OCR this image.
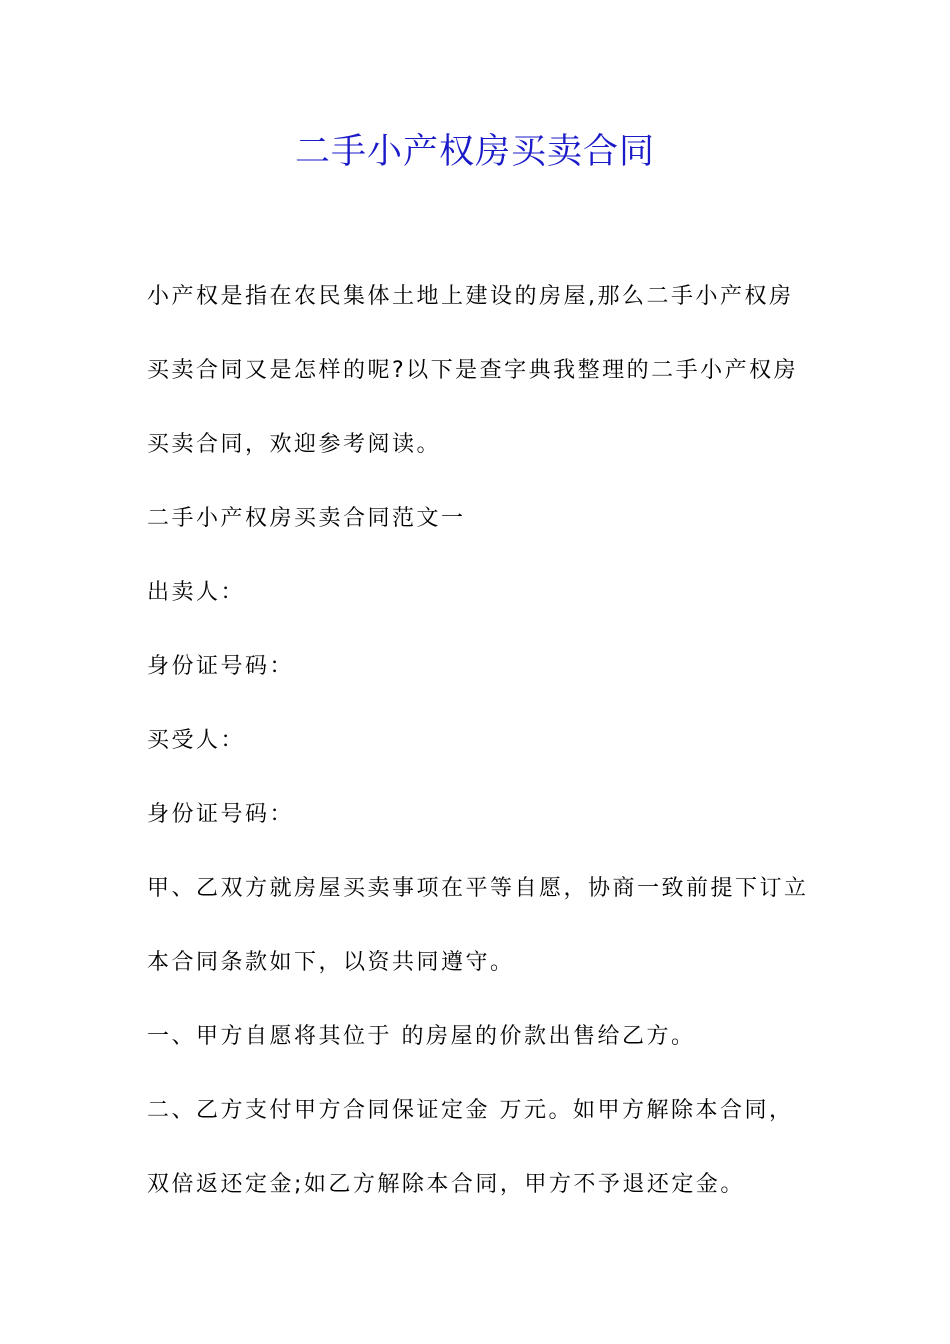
二手小产权房买卖合同

小产权是指在农民集体土地上建设的房屋,那么二手小产权房买卖合同又是怎样的呢?以下是查字典我整理的二手小产权房买卖合同，欢迎参考阅读。

二手小产权房买卖合同范文一

出卖人：

身份证号码：

买受人：

身份证号码：

甲、乙双方就房屋买卖事项在平等自愿，协商一致前提下订立本合同条款如下，以资共同遵守。

一、甲方自愿将其位于 的房屋的价款出售给乙方。

二、乙方支付甲方合同保证定金 万元。如甲方解除本合同，双倍返还定金;如乙方解除本合同，甲方不予退还定金。
